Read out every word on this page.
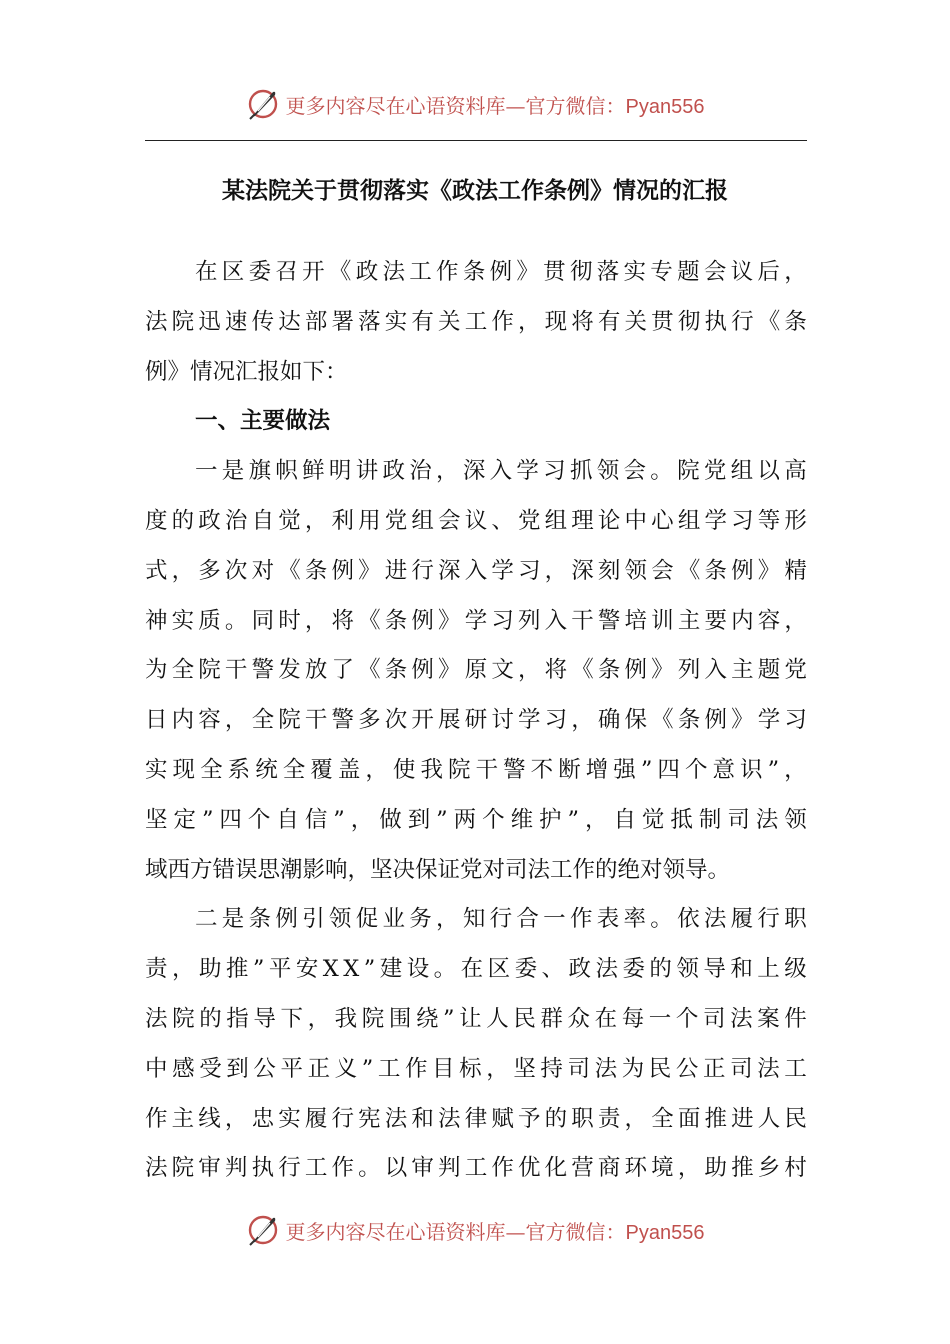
更多内容尽在心语资料库—官方微信：Pyan556
某法院关于贯彻落实《政法工作条例》情况的汇报
在 区 委 召 开 《 政 法 工 作 条 例 》 贯 彻 落 实 专 题 会 议 后 ，
法 院 迅 速 传 达 部 署 落 实 有 关 工 作 ， 现 将 有 关 贯 彻 执 行 《 条
例》情况汇报如下：
一、主要做法
一 是 旗 帜 鲜 明 讲 政 治 ， 深 入 学 习 抓 领 会 。 院 党 组 以 高
度 的 政 治 自 觉 ， 利 用 党 组 会 议 、 党 组 理 论 中 心 组 学 习 等 形
式 ， 多 次 对 《 条 例 》 进 行 深 入 学 习 ， 深 刻 领 会 《 条 例 》 精
神 实 质 。 同 时 ， 将 《 条 例 》 学 习 列 入 干 警 培 训 主 要 内 容 ，
为 全 院 干 警 发 放 了 《 条 例 》 原 文 ， 将 《 条 例 》 列 入 主 题 党
日 内 容 ， 全 院 干 警 多 次 开 展 研 讨 学 习 ， 确 保 《 条 例 》 学 习
实 现 全 系 统 全 覆 盖 ， 使 我 院 干 警 不 断 增 强 ” 四 个 意 识 ” ，
坚 定 ” 四 个 自 信 ” ， 做 到 ” 两 个 维 护 ” ， 自 觉 抵 制 司 法 领
域西方错误思潮影响，坚决保证党对司法工作的绝对领导。
二 是 条 例 引 领 促 业 务 ， 知 行 合 一 作 表 率 。 依 法 履 行 职
责 ， 助 推 ” 平 安 X X ” 建 设 。 在 区 委 、 政 法 委 的 领 导 和 上 级
法 院 的 指 导 下 ， 我 院 围 绕 ” 让 人 民 群 众 在 每 一 个 司 法 案 件
中 感 受 到 公 平 正 义 ” 工 作 目 标 ， 坚 持 司 法 为 民 公 正 司 法 工
作 主 线 ， 忠 实 履 行 宪 法 和 法 律 赋 予 的 职 责 ， 全 面 推 进 人 民
法 院 审 判 执 行 工 作 。 以 审 判 工 作 优 化 营 商 环 境 ， 助 推 乡 村
更多内容尽在心语资料库—官方微信：Pyan556
